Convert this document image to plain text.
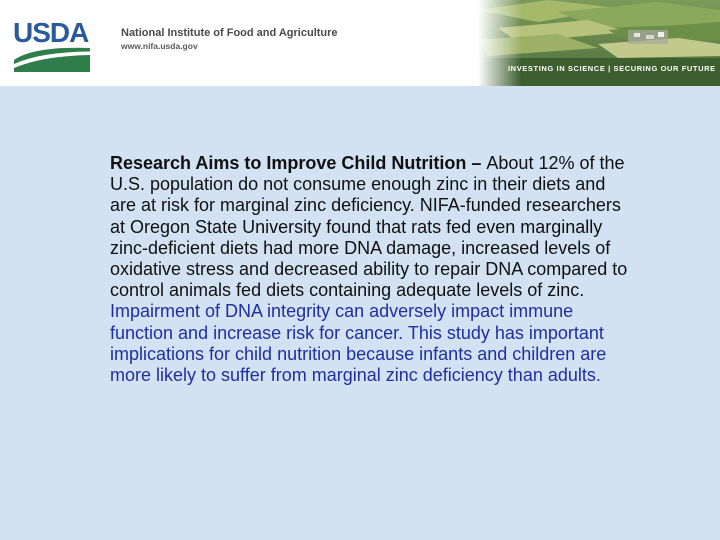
USDA	National Institute of Food and Agriculture
www.nifa.usda.gov
INVESTING IN SCIENCE | SECURING OUR FUTURE
Research Aims to Improve Child Nutrition – About 12% of the U.S. population do not consume enough zinc in their diets and are at risk for marginal zinc deficiency. NIFA-funded researchers at Oregon State University found that rats fed even marginally zinc-deficient diets had more DNA damage, increased levels of oxidative stress and decreased ability to repair DNA compared to control animals fed diets containing adequate levels of zinc. Impairment of DNA integrity can adversely impact immune function and increase risk for cancer. This study has important implications for child nutrition because infants and children are more likely to suffer from marginal zinc deficiency than adults.
